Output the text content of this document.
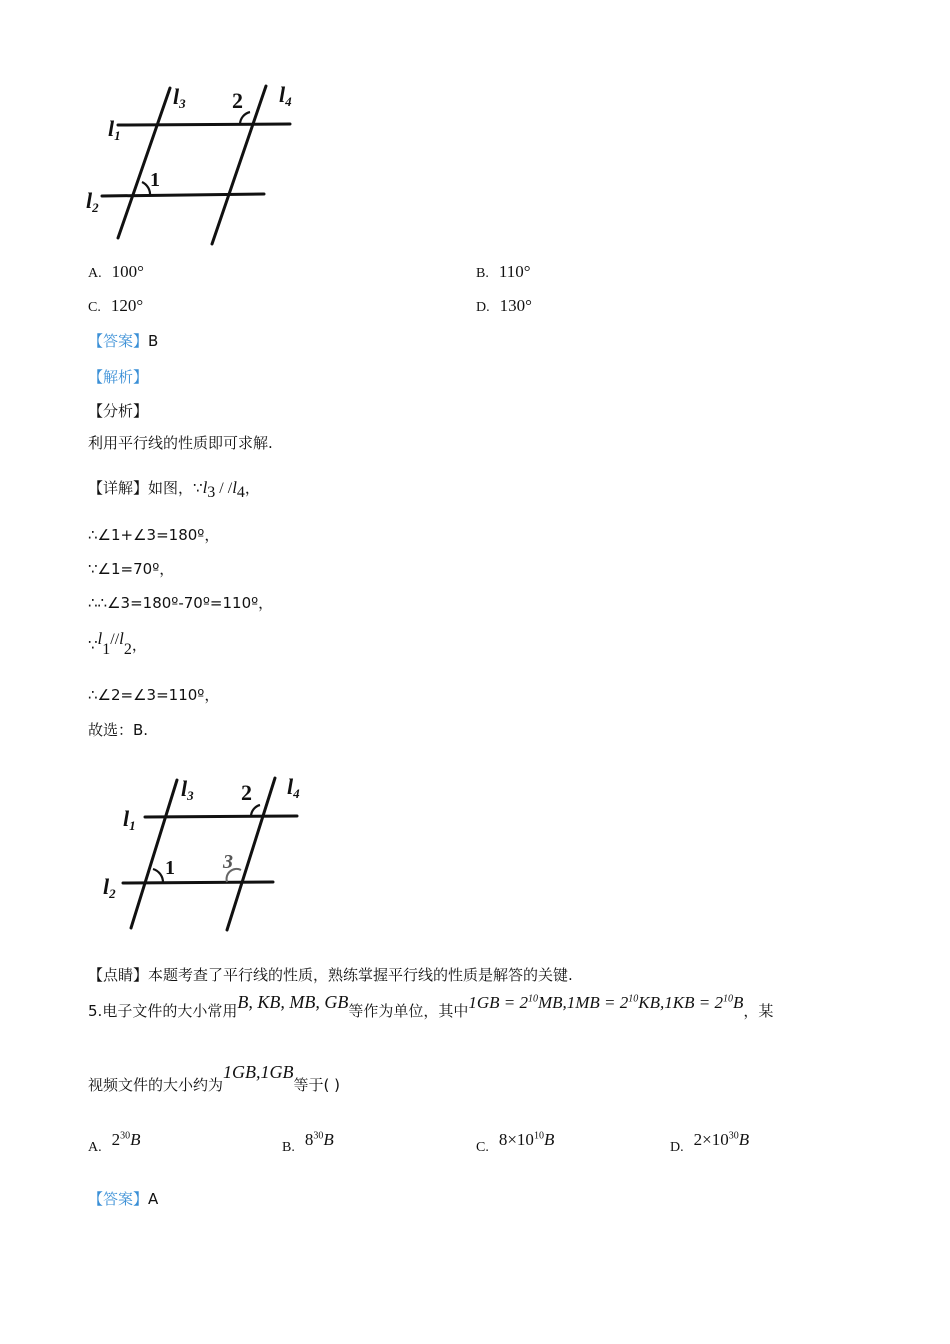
l1
l2
l3	l4
1
2
A. 100°	B. 110°
C. 120°	D. 130°
【答案】B
【解析】
【分析】
利用平行线的性质即可求解.
【详解】如图，$\because l_3 / /l_4$，
∴∠1+∠3=180º，
∵∠1=70º，
∴∴∠3=180º-70º=110º，
$\because l_1//l_2$，
∴∠2=∠3=110º，
故选：B.
l1
l2
l3	l4
1
2
3
【点睛】本题考查了平行线的性质，熟练掌握平行线的性质是解答的关键.
5.电子文件的大小常用B, KB, MB, GB等作为单位，其中$1GB = 2^{10}MB,1MB = 2^{10}KB,1KB = 2^{10}B$，某
视频文件的大小约为1GB,1GB等于( )
A. $2^{30}B$	B. $8^{30}B$	C. $8\times 10^{10}B$	D. $2\times 10^{30}B$
【答案】A
